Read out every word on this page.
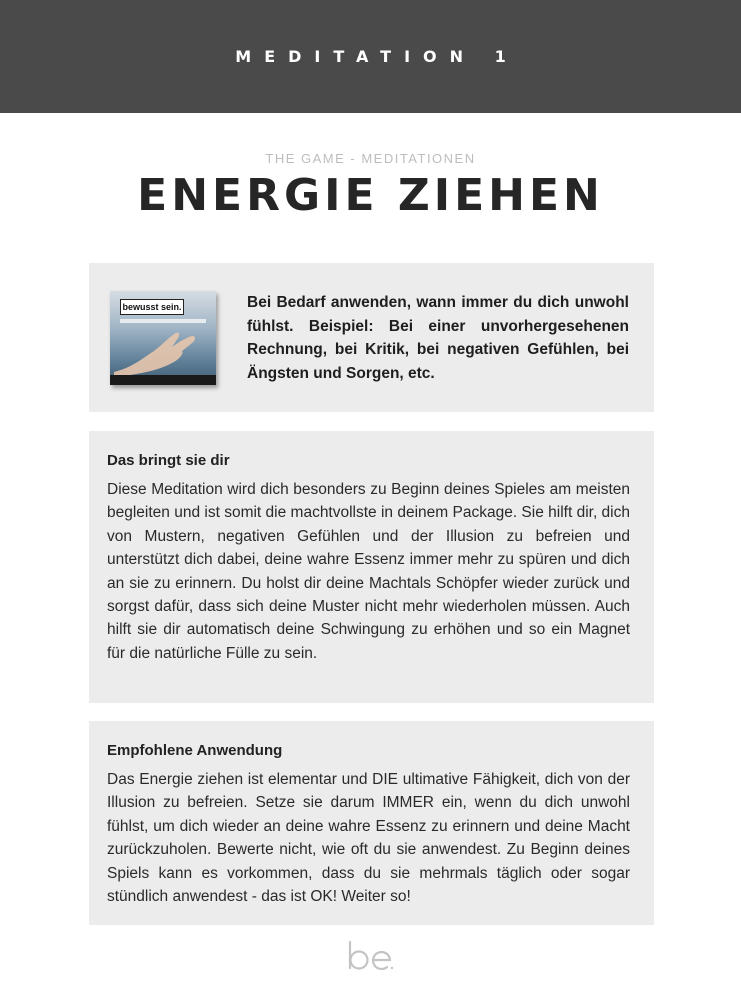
MEDITATION 1
THE GAME - MEDITATIONEN
ENERGIE ZIEHEN
bewusst sein.	Bei Bedarf anwenden, wann immer du dich unwohl fühlst. Beispiel: Bei einer unvorhergesehenen Rechnung, bei Kritik, bei negativen Gefühlen, bei Ängsten und Sorgen, etc.

Das bringt sie dir

Diese Meditation wird dich besonders zu Beginn deines Spieles am meisten begleiten und ist somit die machtvollste in deinem Package. Sie hilft dir, dich von Mustern, negativen Gefühlen und der Illusion zu befreien und unterstützt dich dabei, deine wahre Essenz immer mehr zu spüren und dich an sie zu erinnern. Du holst dir deine Machtals Schöpfer wieder zurück und sorgst dafür, dass sich deine Muster nicht mehr wiederholen müssen. Auch hilft sie dir automatisch deine Schwingung zu erhöhen und so ein Magnet für die natürliche Fülle zu sein.

Empfohlene Anwendung

Das Energie ziehen ist elementar und DIE ultimative Fähigkeit, dich von der Illusion zu befreien. Setze sie darum IMMER ein, wenn du dich unwohl fühlst, um dich wieder an deine wahre Essenz zu erinnern und deine Macht zurückzuholen. Bewerte nicht, wie oft du sie anwendest. Zu Beginn deines Spiels kann es vorkommen, dass du sie mehrmals täglich oder sogar stündlich anwendest - das ist OK! Weiter so!
